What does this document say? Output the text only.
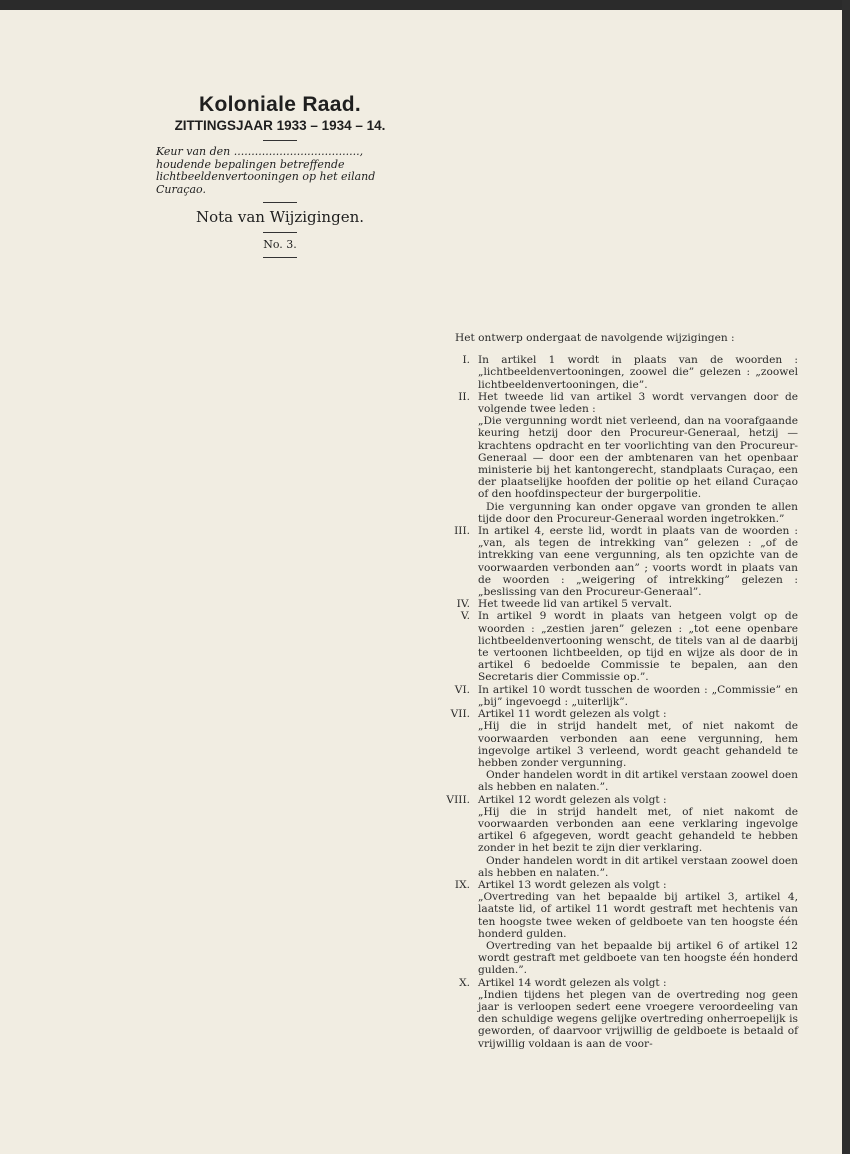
Koloniale Raad.

ZITTINGSJAAR 1933 – 1934 – 14.

Keur van den ...................................., houdende bepalingen betreffende lichtbeeldenvertooningen op het eiland Curaçao.

Nota van Wijzigingen.

No. 3.

Het ontwerp ondergaat de navolgende wijzigingen :

I. In artikel 1 wordt in plaats van de woorden : „lichtbeeldenvertooningen, zoowel die” gelezen : „zoowel lichtbeeldenvertooningen, die”.

II. Het tweede lid van artikel 3 wordt vervangen door de volgende twee leden :

„Die vergunning wordt niet verleend, dan na voorafgaande keuring hetzij door den Procureur-Generaal, hetzij — krachtens opdracht en ter voorlichting van den Procureur-Generaal — door een der ambtenaren van het openbaar ministerie bij het kantongerecht, standplaats Curaçao, een der plaatselijke hoofden der politie op het eiland Curaçao of den hoofdinspecteur der burgerpolitie.

Die vergunning kan onder opgave van gronden te allen tijde door den Procureur-Generaal worden ingetrokken.”

III. In artikel 4, eerste lid, wordt in plaats van de woorden : „van, als tegen de intrekking van” gelezen : „of de intrekking van eene vergunning, als ten opzichte van de voorwaarden verbonden aan” ; voorts wordt in plaats van de woorden : „weigering of intrekking” gelezen : „beslissing van den Procureur-Generaal”.

IV. Het tweede lid van artikel 5 vervalt.

V. In artikel 9 wordt in plaats van hetgeen volgt op de woorden : „zestien jaren” gelezen : „tot eene openbare lichtbeeldenvertooning wenscht, de titels van al de daarbij te vertoonen lichtbeelden, op tijd en wijze als door de in artikel 6 bedoelde Commissie te bepalen, aan den Secretaris dier Commissie op.”.

VI. In artikel 10 wordt tusschen de woorden : „Commissie” en „bij” ingevoegd : „uiterlijk”.

VII. Artikel 11 wordt gelezen als volgt :

„Hij die in strijd handelt met, of niet nakomt de voorwaarden verbonden aan eene vergunning, hem ingevolge artikel 3 verleend, wordt geacht gehandeld te hebben zonder vergunning.

Onder handelen wordt in dit artikel verstaan zoowel doen als hebben en nalaten.”.

VIII. Artikel 12 wordt gelezen als volgt :

„Hij die in strijd handelt met, of niet nakomt de voorwaarden verbonden aan eene verklaring ingevolge artikel 6 afgegeven, wordt geacht gehandeld te hebben zonder in het bezit te zijn dier verklaring.

Onder handelen wordt in dit artikel verstaan zoowel doen als hebben en nalaten.”.

IX. Artikel 13 wordt gelezen als volgt :

„Overtreding van het bepaalde bij artikel 3, artikel 4, laatste lid, of artikel 11 wordt gestraft met hechtenis van ten hoogste twee weken of geldboete van ten hoogste één honderd gulden.

Overtreding van het bepaalde bij artikel 6 of artikel 12 wordt gestraft met geldboete van ten hoogste één honderd gulden.”.

X. Artikel 14 wordt gelezen als volgt :

„Indien tijdens het plegen van de overtreding nog geen jaar is verloopen sedert eene vroegere veroordeeling van den schuldige wegens gelijke overtreding onherroepelijk is geworden, of daarvoor vrijwillig de geldboete is betaald of vrijwillig voldaan is aan de voor-
